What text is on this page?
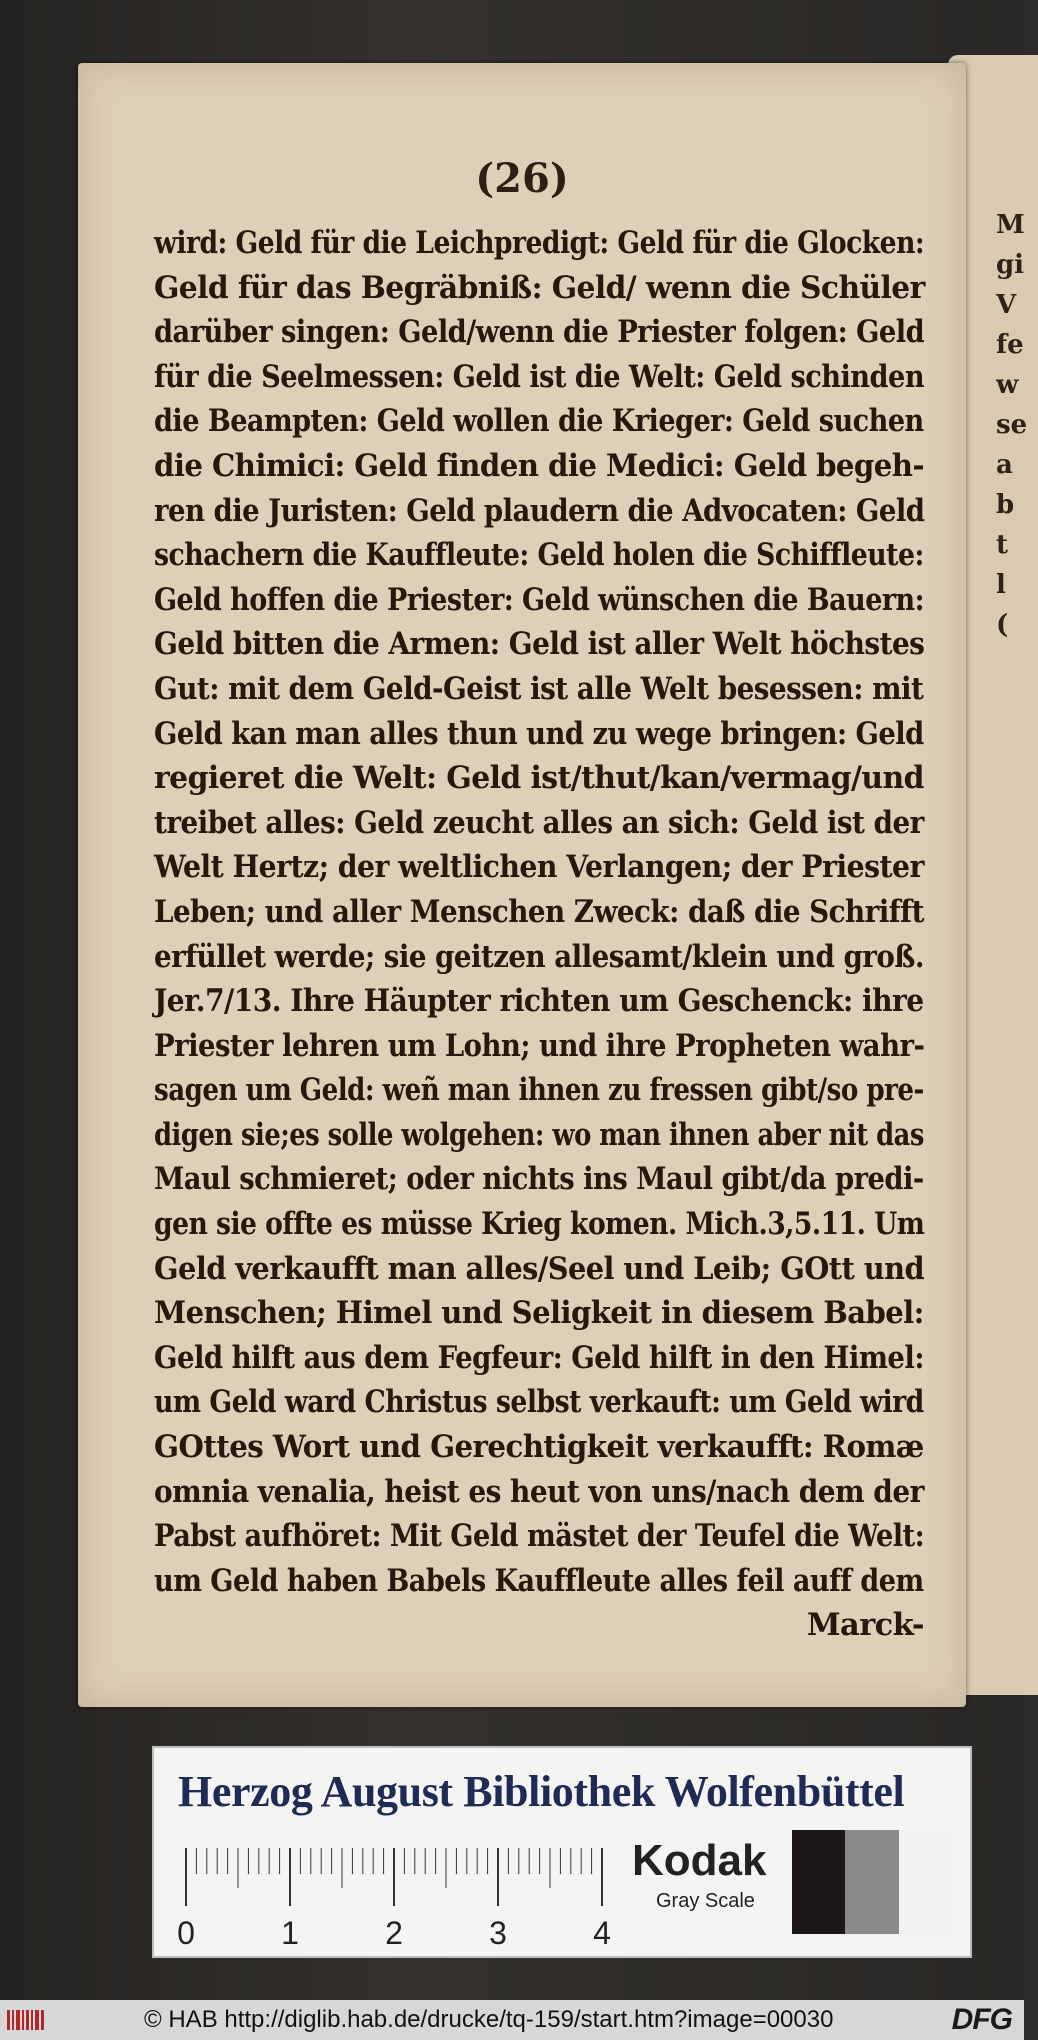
M
gi
V
fe
w
se
a
b
t
l
(
(26)
wird: Geld für die Leichpredigt: Geld für die Glocken:
Geld für das Begräbniß: Geld/ wenn die Schüler
darüber singen: Geld/wenn die Priester folgen: Geld
für die Seelmessen: Geld ist die Welt: Geld schinden
die Beampten: Geld wollen die Krieger: Geld suchen
die Chimici: Geld finden die Medici: Geld begeh-
ren die Juristen: Geld plaudern die Advocaten: Geld
schachern die Kauffleute: Geld holen die Schiffleute:
Geld hoffen die Priester: Geld wünschen die Bauern:
Geld bitten die Armen: Geld ist aller Welt höchstes
Gut: mit dem Geld-Geist ist alle Welt besessen: mit
Geld kan man alles thun und zu wege bringen: Geld
regieret die Welt: Geld ist/thut/kan/vermag/und
treibet alles: Geld zeucht alles an sich: Geld ist der
Welt Hertz; der weltlichen Verlangen; der Priester
Leben; und aller Menschen Zweck: daß die Schrifft
erfüllet werde; sie geitzen allesamt/klein und groß.
Jer.7/13. Ihre Häupter richten um Geschenck: ihre
Priester lehren um Lohn; und ihre Propheten wahr-
sagen um Geld: weñ man ihnen zu fressen gibt/so pre-
digen sie;es solle wolgehen: wo man ihnen aber nit das
Maul schmieret; oder nichts ins Maul gibt/da predi-
gen sie offte es müsse Krieg komen. Mich.3,5.11. Um
Geld verkaufft man alles/Seel und Leib; GOtt und
Menschen; Himel und Seligkeit in diesem Babel:
Geld hilft aus dem Fegfeur: Geld hilft in den Himel:
um Geld ward Christus selbst verkauft: um Geld wird
GOttes Wort und Gerechtigkeit verkaufft: Romæ
omnia venalia, heist es heut von uns/nach dem der
Pabst aufhöret: Mit Geld mästet der Teufel die Welt:
um Geld haben Babels Kauffleute alles feil auff dem
Marck-
Herzog August Bibliothek Wolfenbüttel
0	1	2	3	4
Kodak
Gray Scale
© HAB http://diglib.hab.de/drucke/tq-159/start.htm?image=00030	DFG
